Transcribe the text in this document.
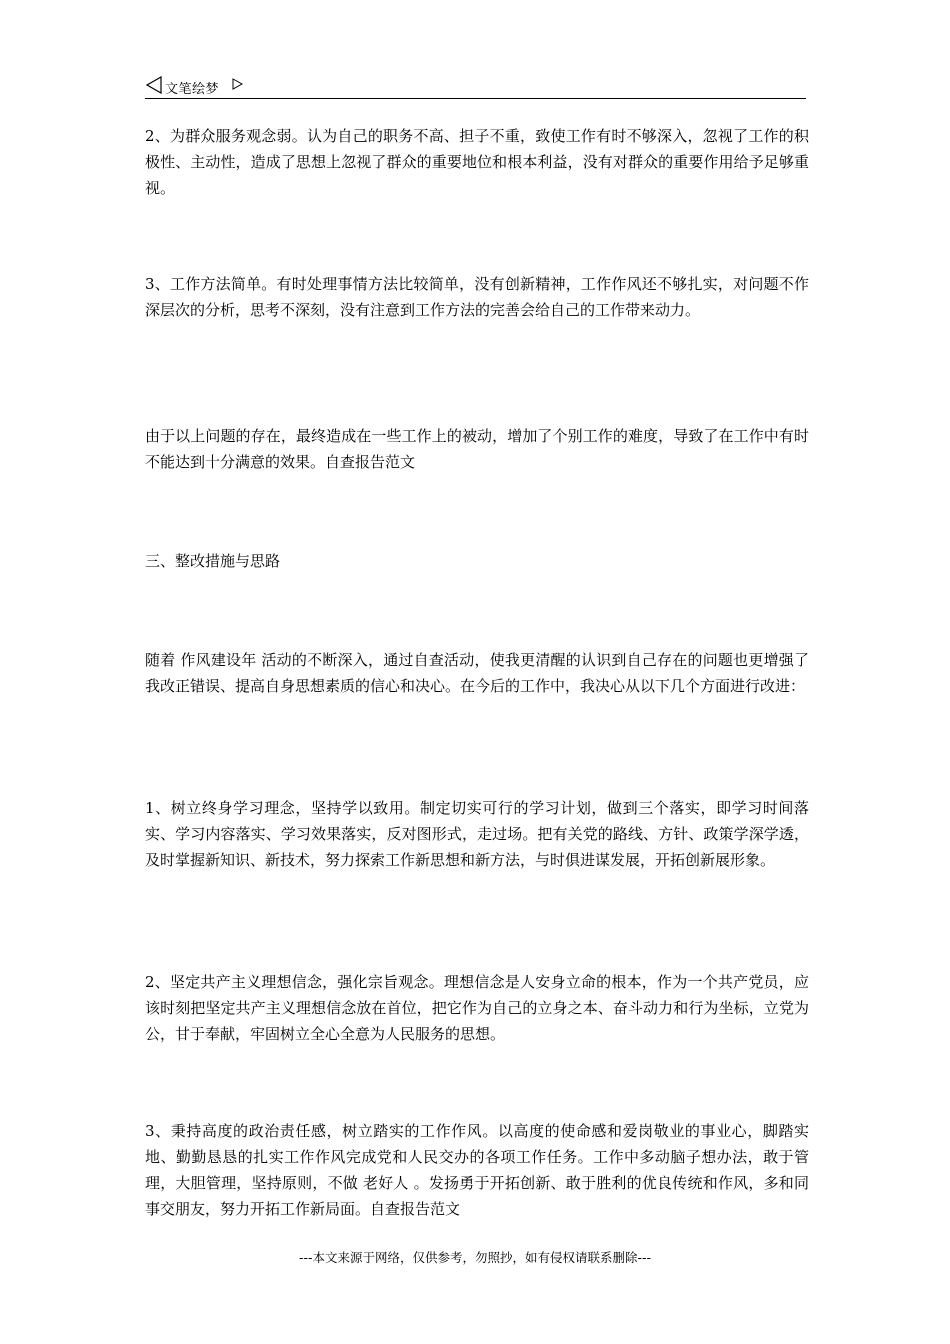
文笔绘梦
2、为群众服务观念弱。认为自己的职务不高、担子不重，致使工作有时不够深入，忽视了工作的积极性、主动性，造成了思想上忽视了群众的重要地位和根本利益，没有对群众的重要作用给予足够重视。
3、工作方法简单。有时处理事情方法比较简单，没有创新精神，工作作风还不够扎实，对问题不作深层次的分析，思考不深刻，没有注意到工作方法的完善会给自己的工作带来动力。
由于以上问题的存在，最终造成在一些工作上的被动，增加了个别工作的难度，导致了在工作中有时不能达到十分满意的效果。自查报告范文
三、整改措施与思路
随着 作风建设年 活动的不断深入，通过自查活动，使我更清醒的认识到自己存在的问题也更增强了我改正错误、提高自身思想素质的信心和决心。在今后的工作中，我决心从以下几个方面进行改进：
1、树立终身学习理念，坚持学以致用。制定切实可行的学习计划，做到三个落实，即学习时间落实、学习内容落实、学习效果落实，反对图形式，走过场。把有关党的路线、方针、政策学深学透，及时掌握新知识、新技术，努力探索工作新思想和新方法，与时俱进谋发展，开拓创新展形象。
2、坚定共产主义理想信念，强化宗旨观念。理想信念是人安身立命的根本，作为一个共产党员，应该时刻把坚定共产主义理想信念放在首位，把它作为自己的立身之本、奋斗动力和行为坐标，立党为公，甘于奉献，牢固树立全心全意为人民服务的思想。
3、秉持高度的政治责任感，树立踏实的工作作风。以高度的使命感和爱岗敬业的事业心，脚踏实地、勤勤恳恳的扎实工作作风完成党和人民交办的各项工作任务。工作中多动脑子想办法，敢于管理，大胆管理，坚持原则，不做 老好人 。发扬勇于开拓创新、敢于胜利的优良传统和作风，多和同事交朋友，努力开拓工作新局面。自查报告范文
---本文来源于网络，仅供参考，勿照抄，如有侵权请联系删除---
